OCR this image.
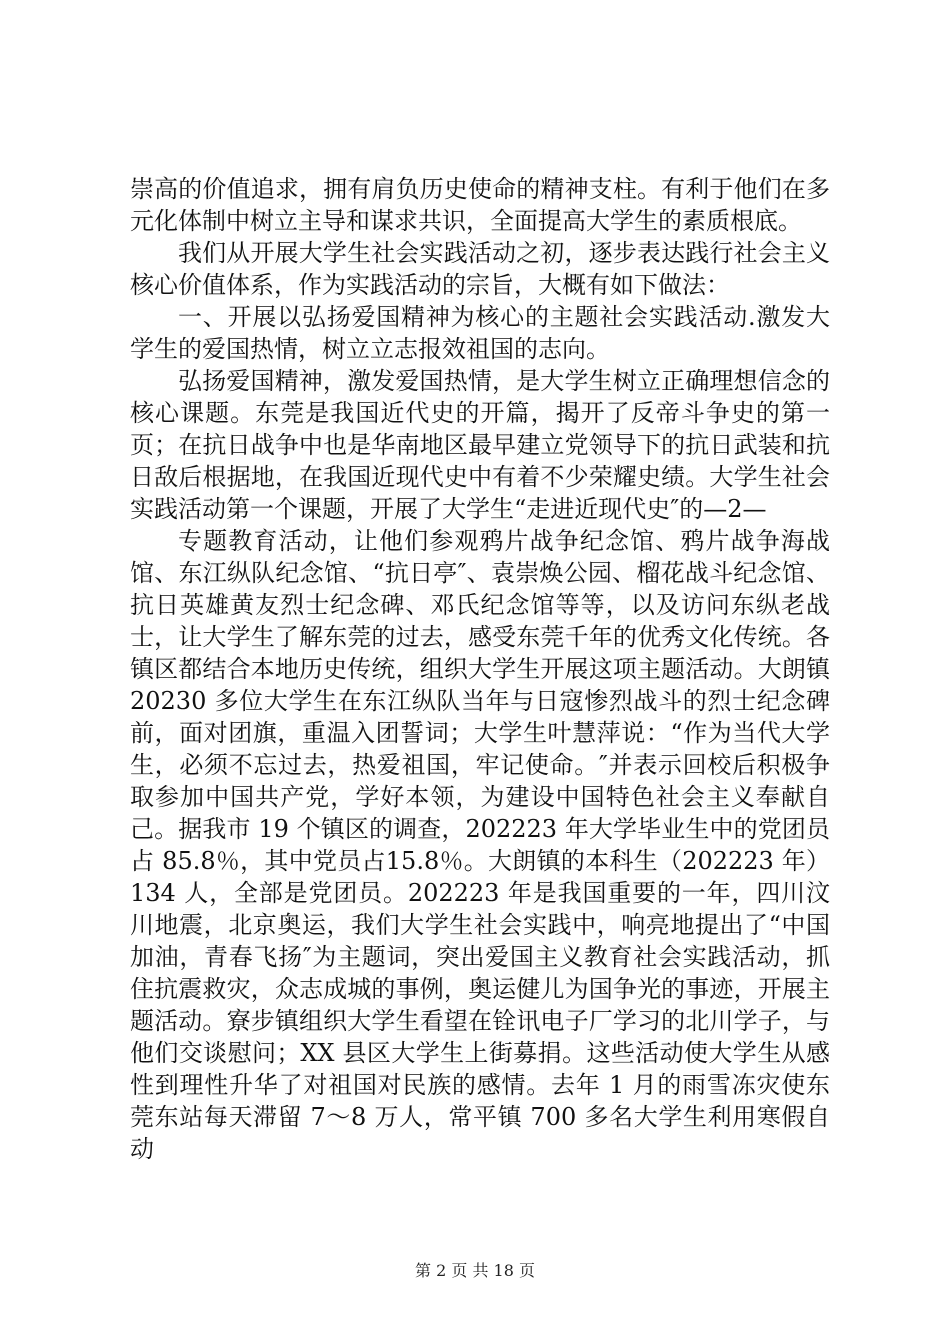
崇高的价值追求，拥有肩负历史使命的精神支柱。有利于他们在多元化体制中树立主导和谋求共识，全面提高大学生的素质根底。

我们从开展大学生社会实践活动之初，逐步表达践行社会主义核心价值体系，作为实践活动的宗旨，大概有如下做法：

一、开展以弘扬爱国精神为核心的主题社会实践活动.激发大学生的爱国热情，树立立志报效祖国的志向。

弘扬爱国精神，激发爱国热情，是大学生树立正确理想信念的核心课题。东莞是我国近代史的开篇，揭开了反帝斗争史的第一页；在抗日战争中也是华南地区最早建立党领导下的抗日武装和抗日敌后根据地，在我国近现代史中有着不少荣耀史绩。大学生社会实践活动第一个课题，开展了大学生“走进近现代史″的—2—

专题教育活动，让他们参观鸦片战争纪念馆、鸦片战争海战馆、东江纵队纪念馆、“抗日亭″、袁崇焕公园、榴花战斗纪念馆、抗日英雄黄友烈士纪念碑、邓氏纪念馆等等，以及访问东纵老战士，让大学生了解东莞的过去，感受东莞千年的优秀文化传统。各镇区都结合本地历史传统，组织大学生开展这项主题活动。大朗镇 20230 多位大学生在东江纵队当年与日寇惨烈战斗的烈士纪念碑前，面对团旗，重温入团誓词；大学生叶慧萍说：“作为当代大学生，必须不忘过去，热爱祖国，牢记使命。″并表示回校后积极争取参加中国共产党，学好本领，为建设中国特色社会主义奉献自己。据我市 19 个镇区的调查，202223 年大学毕业生中的党团员占 85.8％，其中党员占15.8％。大朗镇的本科生（202223 年）134 人，全部是党团员。202223 年是我国重要的一年，四川汶川地震，北京奥运，我们大学生社会实践中，响亮地提出了“中国加油，青春飞扬″为主题词，突出爱国主义教育社会实践活动，抓住抗震救灾，众志成城的事例，奥运健儿为国争光的事迹，开展主题活动。寮步镇组织大学生看望在铨讯电子厂学习的北川学子，与他们交谈慰问；XX 县区大学生上街募捐。这些活动使大学生从感性到理性升华了对祖国对民族的感情。去年 1 月的雨雪冻灾使东莞东站每天滞留 7～8 万人，常平镇 700 多名大学生利用寒假自动

第 2 页 共 18 页
